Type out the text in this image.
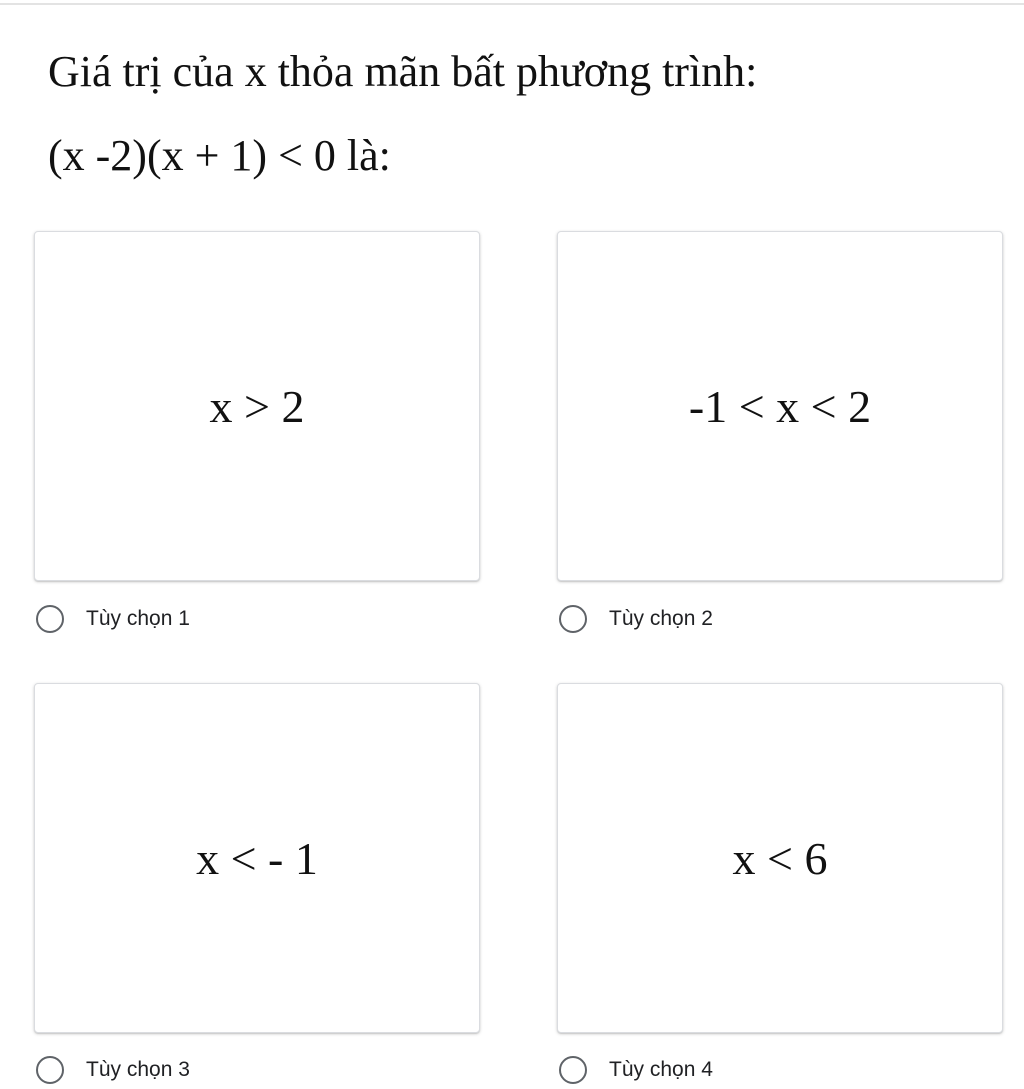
Giá trị của x thỏa mãn bất phương trình:
(x -2)(x + 1) < 0 là:
x > 2
Tùy chọn 1
-1 < x < 2
Tùy chọn 2
x < - 1
Tùy chọn 3
x < 6
Tùy chọn 4
